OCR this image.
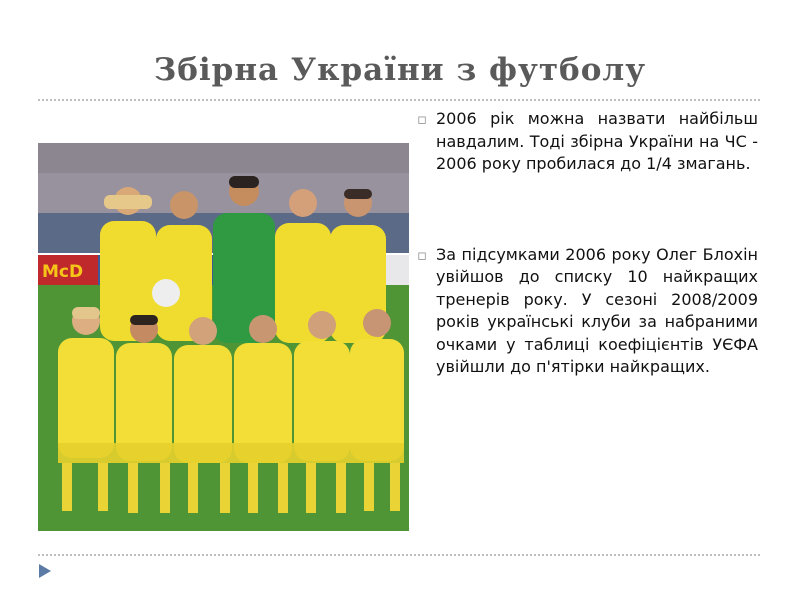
Збірна України з футболу
McD
▫ 2006 рік можна назвати найбільш навдалим. Тоді збірна України на ЧС - 2006 року пробилася до 1/4 змагань.
▫ За підсумками 2006 року Олег Блохін увійшов до списку 10 найкращих тренерів року. У сезоні 2008/2009 років українські клуби за набраними очками у таблиці коефіцієнтів УЄФА увійшли до п'ятірки найкращих.
